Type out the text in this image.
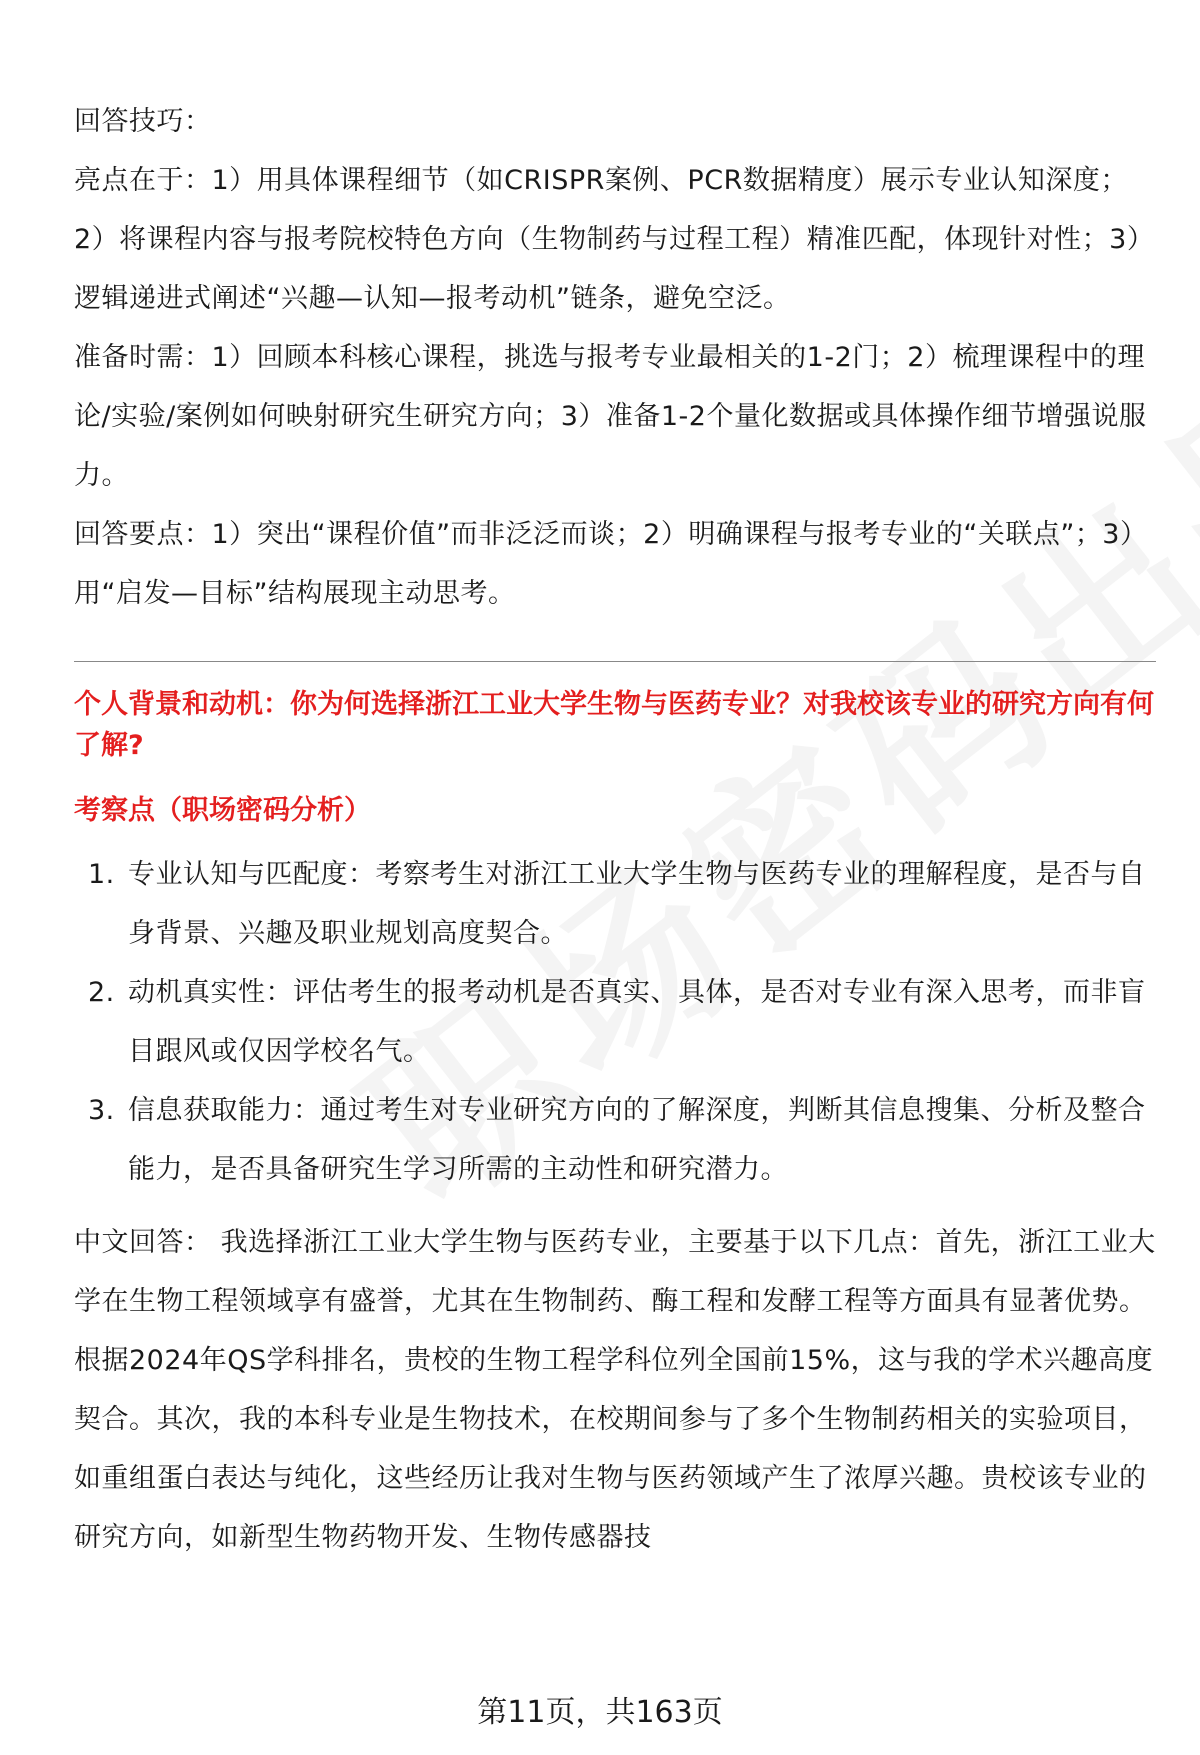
回答技巧：

亮点在于：1）用具体课程细节（如CRISPR案例、PCR数据精度）展示专业认知深度；2）将课程内容与报考院校特色方向（生物制药与过程工程）精准匹配，体现针对性；3）逻辑递进式阐述“兴趣—认知—报考动机”链条，避免空泛。

准备时需：1）回顾本科核心课程，挑选与报考专业最相关的1-2门；2）梳理课程中的理论/实验/案例如何映射研究生研究方向；3）准备1-2个量化数据或具体操作细节增强说服力。

回答要点：1）突出“课程价值”而非泛泛而谈；2）明确课程与报考专业的“关联点”；3）用“启发—目标”结构展现主动思考。

个人背景和动机：你为何选择浙江工业大学生物与医药专业？对我校该专业的研究方向有何了解?

考察点（职场密码分析）

1. 专业认知与匹配度：考察考生对浙江工业大学生物与医药专业的理解程度，是否与自身背景、兴趣及职业规划高度契合。
2. 动机真实性：评估考生的报考动机是否真实、具体，是否对专业有深入思考，而非盲目跟风或仅因学校名气。
3. 信息获取能力：通过考生对专业研究方向的了解深度，判断其信息搜集、分析及整合能力，是否具备研究生学习所需的主动性和研究潜力。

中文回答： 我选择浙江工业大学生物与医药专业，主要基于以下几点：首先，浙江工业大学在生物工程领域享有盛誉，尤其在生物制药、酶工程和发酵工程等方面具有显著优势。根据2024年QS学科排名，贵校的生物工程学科位列全国前15%，这与我的学术兴趣高度契合。其次，我的本科专业是生物技术，在校期间参与了多个生物制药相关的实验项目，如重组蛋白表达与纯化，这些经历让我对生物与医药领域产生了浓厚兴趣。贵校该专业的研究方向，如新型生物药物开发、生物传感器技

第11页，共163页
